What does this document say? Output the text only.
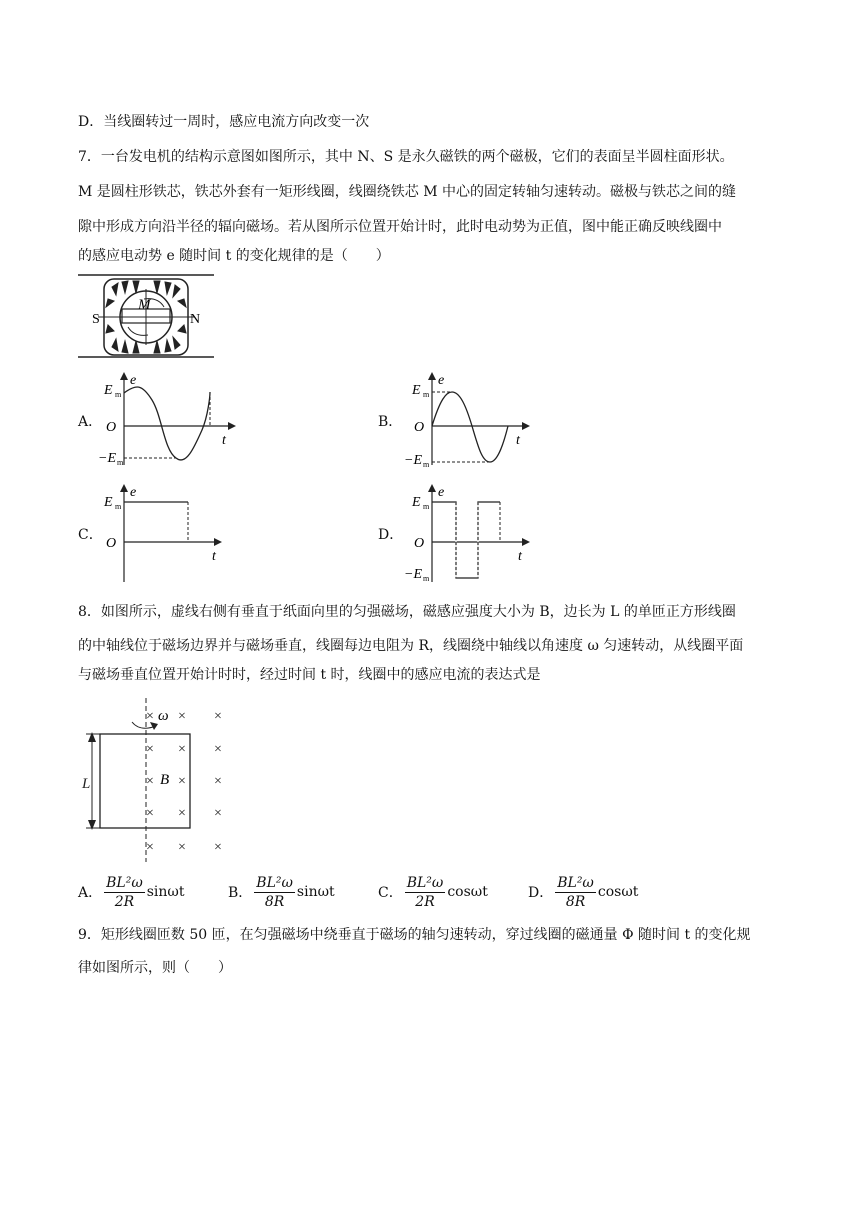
D．当线圈转过一周时，感应电流方向改变一次
7．一台发电机的结构示意图如图所示，其中 N、S 是永久磁铁的两个磁极，它们的表面呈半圆柱面形状。
M 是圆柱形铁芯，铁芯外套有一矩形线圈，线圈绕铁芯 M 中心的固定转轴匀速转动。磁极与铁芯之间的缝
隙中形成方向沿半径的辐向磁场。若从图所示位置开始计时，此时电动势为正值，图中能正确反映线圈中
的感应电动势 e 随时间 t 的变化规律的是（　　）
M
S	N
A．
e
t
O
E m
−E m
B．
e
t
O
E m
−E m
C．
e
t
O
E m
D．
e
t
O
E m
−E m
8．如图所示，虚线右侧有垂直于纸面向里的匀强磁场，磁感应强度大小为 B，边长为 L 的单匝正方形线圈
的中轴线位于磁场边界并与磁场垂直，线圈每边电阻为 R，线圈绕中轴线以角速度 ω 匀速转动，从线圈平面
与磁场垂直位置开始计时时，经过时间 t 时，线圈中的感应电流的表达式是
× × ×
× × ×
× × ×
× × ×
× × ×
ω
B
L
A． $\frac{\text{BL²ω}}{2R}$ sinωt	B． $\frac{\text{BL²ω}}{8R}$ sinωt	C． $\frac{\text{BL²ω}}{2R}$ cosωt	D． $\frac{\text{BL²ω}}{8R}$ cosωt
9．矩形线圈匝数 50 匝，在匀强磁场中绕垂直于磁场的轴匀速转动，穿过线圈的磁通量 Φ 随时间 t 的变化规
律如图所示，则（　　）
